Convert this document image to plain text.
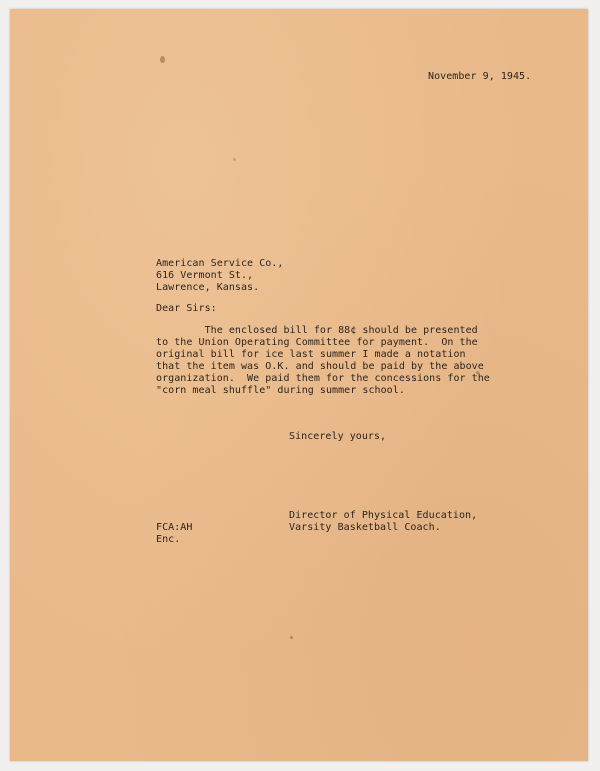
November 9, 1945.

American Service Co.,
616 Vermont St.,
Lawrence, Kansas.

Dear Sirs:

The enclosed bill for 88¢ should be presented
to the Union Operating Committee for payment.  On the
original bill for ice last summer I made a notation
that the item was O.K. and should be paid by the above
organization.  We paid them for the concessions for the
"corn meal shuffle" during summer school.

Sincerely yours,

Director of Physical Education,
Varsity Basketball Coach.
FCA:AH
Enc.
